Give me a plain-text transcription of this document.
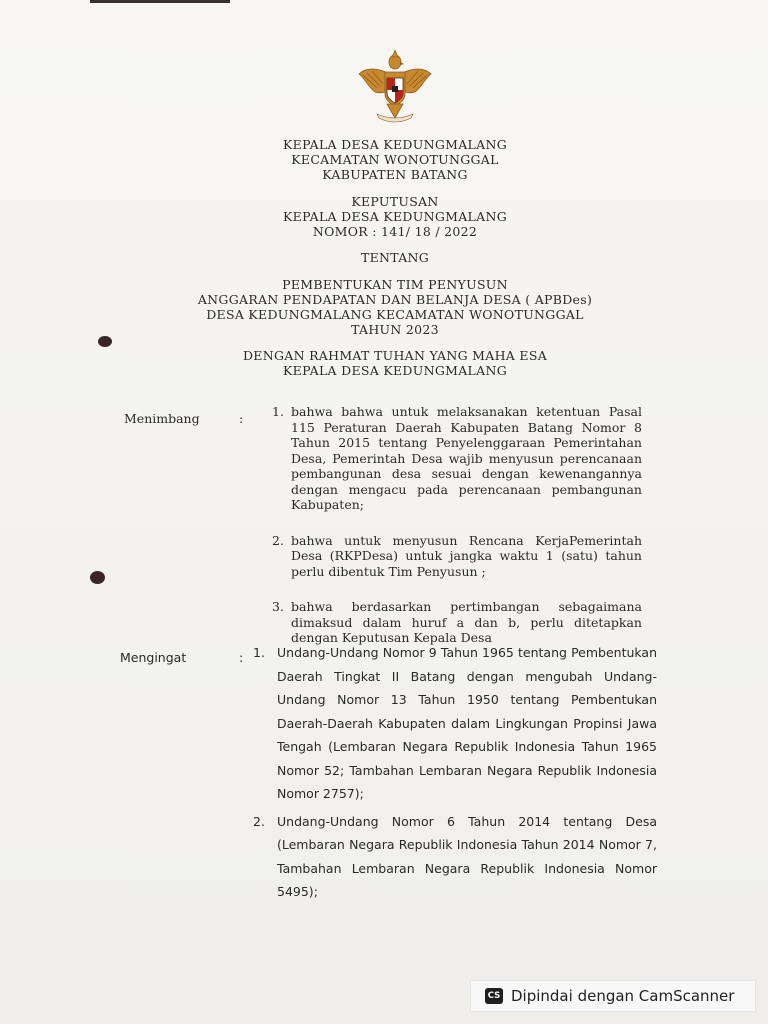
KEPALA DESA KEDUNGMALANG
KECAMATAN WONOTUNGGAL
KABUPATEN BATANG
KEPUTUSAN
KEPALA DESA KEDUNGMALANG
NOMOR : 141/ 18 / 2022
TENTANG
PEMBENTUKAN TIM PENYUSUN
ANGGARAN PENDAPATAN DAN BELANJA DESA ( APBDes)
DESA KEDUNGMALANG KECAMATAN WONOTUNGGAL
TAHUN 2023
DENGAN RAHMAT TUHAN YANG MAHA ESA
KEPALA DESA KEDUNGMALANG
Menimbang	: 1. bahwa bahwa untuk melaksanakan ketentuan Pasal 115 Peraturan Daerah Kabupaten Batang Nomor 8 Tahun 2015 tentang Penyelenggaraan Pemerintahan Desa, Pemerintah Desa wajib menyusun perencanaan pembangunan desa sesuai dengan kewenangannya dengan mengacu pada perencanaan pembangunan Kabupaten;
2. bahwa untuk menyusun Rencana KerjaPemerintah Desa (RKPDesa) untuk jangka waktu 1 (satu) tahun perlu dibentuk Tim Penyusun ;
3. bahwa berdasarkan pertimbangan sebagaimana dimaksud dalam huruf a dan b, perlu ditetapkan dengan Keputusan Kepala Desa
Mengingat	: 1. Undang-Undang Nomor 9 Tahun 1965 tentang Pembentukan Daerah Tingkat II Batang dengan mengubah Undang-Undang Nomor 13 Tahun 1950 tentang Pembentukan Daerah-Daerah Kabupaten dalam Lingkungan Propinsi Jawa Tengah (Lembaran Negara Republik Indonesia Tahun 1965 Nomor 52; Tambahan Lembaran Negara Republik Indonesia Nomor 2757);
2. Undang-Undang Nomor 6 Tahun 2014 tentang Desa (Lembaran Negara Republik Indonesia Tahun 2014 Nomor 7, Tambahan Lembaran Negara Republik Indonesia Nomor 5495);
CS Dipindai dengan CamScanner
